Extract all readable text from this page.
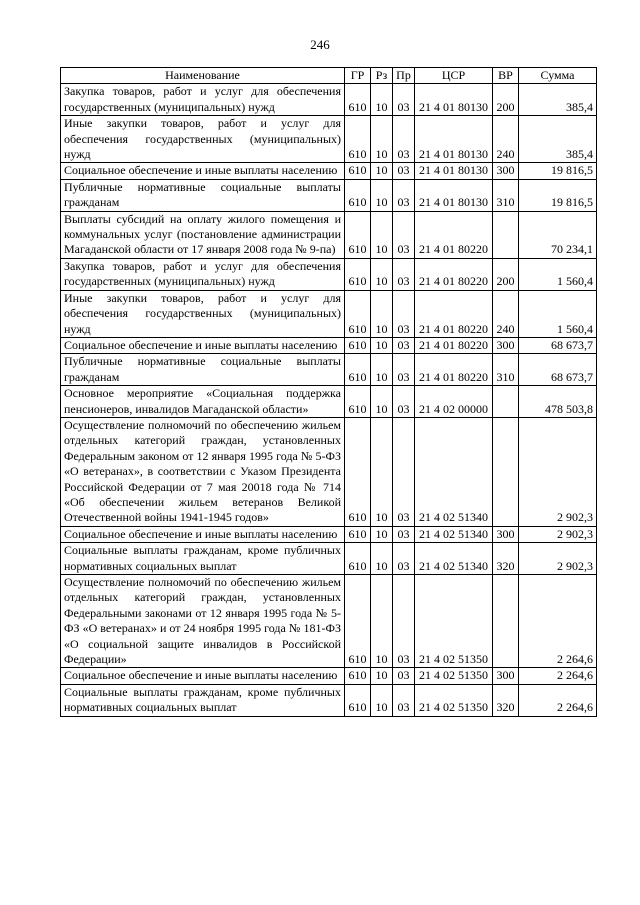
246
Наименование	ГР	Рз	Пр	ЦСР	ВР	Сумма
Закупка товаров, работ и услуг для обеспечения государственных (муниципальных) нужд	610	10	03	21 4 01 80130	200	385,4
Иные закупки товаров, работ и услуг для обеспечения государственных (муниципальных) нужд	610	10	03	21 4 01 80130	240	385,4
Социальное обеспечение и иные выплаты населению	610	10	03	21 4 01 80130	300	19 816,5
Публичные нормативные социальные выплаты гражданам	610	10	03	21 4 01 80130	310	19 816,5
Выплаты субсидий на оплату жилого помещения и коммунальных услуг (постановление администрации Магаданской области от 17 января 2008 года № 9-па)	610	10	03	21 4 01 80220		70 234,1
Закупка товаров, работ и услуг для обеспечения государственных (муниципальных) нужд	610	10	03	21 4 01 80220	200	1 560,4
Иные закупки товаров, работ и услуг для обеспечения государственных (муниципальных) нужд	610	10	03	21 4 01 80220	240	1 560,4
Социальное обеспечение и иные выплаты населению	610	10	03	21 4 01 80220	300	68 673,7
Публичные нормативные социальные выплаты гражданам	610	10	03	21 4 01 80220	310	68 673,7
Основное мероприятие «Социальная поддержка пенсионеров, инвалидов Магаданской области»	610	10	03	21 4 02 00000		478 503,8
Осуществление полномочий по обеспечению жильем отдельных категорий граждан, установленных Федеральным законом от 12 января 1995 года № 5-ФЗ «О ветеранах», в соответствии с Указом Президента Российской Федерации от 7 мая 20018 года № 714 «Об обеспечении жильем ветеранов Великой Отечественной войны 1941-1945 годов»	610	10	03	21 4 02 51340		2 902,3
Социальное обеспечение и иные выплаты населению	610	10	03	21 4 02 51340	300	2 902,3
Социальные выплаты гражданам, кроме публичных нормативных социальных выплат	610	10	03	21 4 02 51340	320	2 902,3
Осуществление полномочий по обеспечению жильем отдельных категорий граждан, установленных Федеральными законами от 12 января 1995 года № 5-ФЗ «О ветеранах» и от 24 ноября 1995 года № 181-ФЗ «О социальной защите инвалидов в Российской Федерации»	610	10	03	21 4 02 51350		2 264,6
Социальное обеспечение и иные выплаты населению	610	10	03	21 4 02 51350	300	2 264,6
Социальные выплаты гражданам, кроме публичных нормативных социальных выплат	610	10	03	21 4 02 51350	320	2 264,6
